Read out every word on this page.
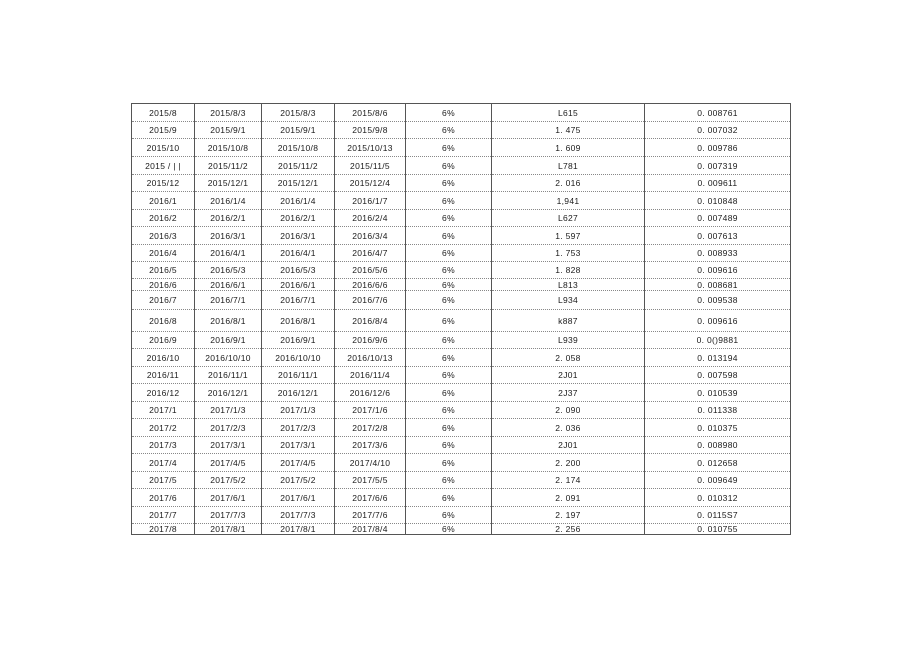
2015/8	2015/8/3	2015/8/3	2015/8/6	6%	L615	0. 008761
2015/9	2015/9/1	2015/9/1	2015/9/8	6%	1. 475	0. 007032
2015/10	2015/10/8	2015/10/8	2015/10/13	6%	1. 609	0. 009786
2015 / | |	2015/11/2	2015/11/2	2015/11/5	6%	L781	0. 007319
2015/12	2015/12/1	2015/12/1	2015/12/4	6%	2. 016	0. 009611
2016/1	2016/1/4	2016/1/4	2016/1/7	6%	1,941	0. 010848
2016/2	2016/2/1	2016/2/1	2016/2/4	6%	L627	0. 007489
2016/3	2016/3/1	2016/3/1	2016/3/4	6%	1. 597	0. 007613
2016/4	2016/4/1	2016/4/1	2016/4/7	6%	1. 753	0. 008933
2016/5	2016/5/3	2016/5/3	2016/5/6	6%	1. 828	0. 009616
2016/6	2016/6/1	2016/6/1	2016/6/6	6%	L813	0. 008681
2016/7	2016/7/1	2016/7/1	2016/7/6	6%	L934	0. 009538
2016/8	2016/8/1	2016/8/1	2016/8/4	6%	k887	0. 009616
2016/9	2016/9/1	2016/9/1	2016/9/6	6%	L939	0. 0()9881
2016/10	2016/10/10	2016/10/10	2016/10/13	6%	2. 058	0. 013194
2016/11	2016/11/1	2016/11/1	2016/11/4	6%	2J01	0. 007598
2016/12	2016/12/1	2016/12/1	2016/12/6	6%	2J37	0. 010539
2017/1	2017/1/3	2017/1/3	2017/1/6	6%	2. 090	0. 011338
2017/2	2017/2/3	2017/2/3	2017/2/8	6%	2. 036	0. 010375
2017/3	2017/3/1	2017/3/1	2017/3/6	6%	2J01	0. 008980
2017/4	2017/4/5	2017/4/5	2017/4/10	6%	2. 200	0. 012658
2017/5	2017/5/2	2017/5/2	2017/5/5	6%	2. 174	0. 009649
2017/6	2017/6/1	2017/6/1	2017/6/6	6%	2. 091	0. 010312
2017/7	2017/7/3	2017/7/3	2017/7/6	6%	2. 197	0. 0115S7
2017/8	2017/8/1	2017/8/1	2017/8/4	6%	2. 256	0. 010755
